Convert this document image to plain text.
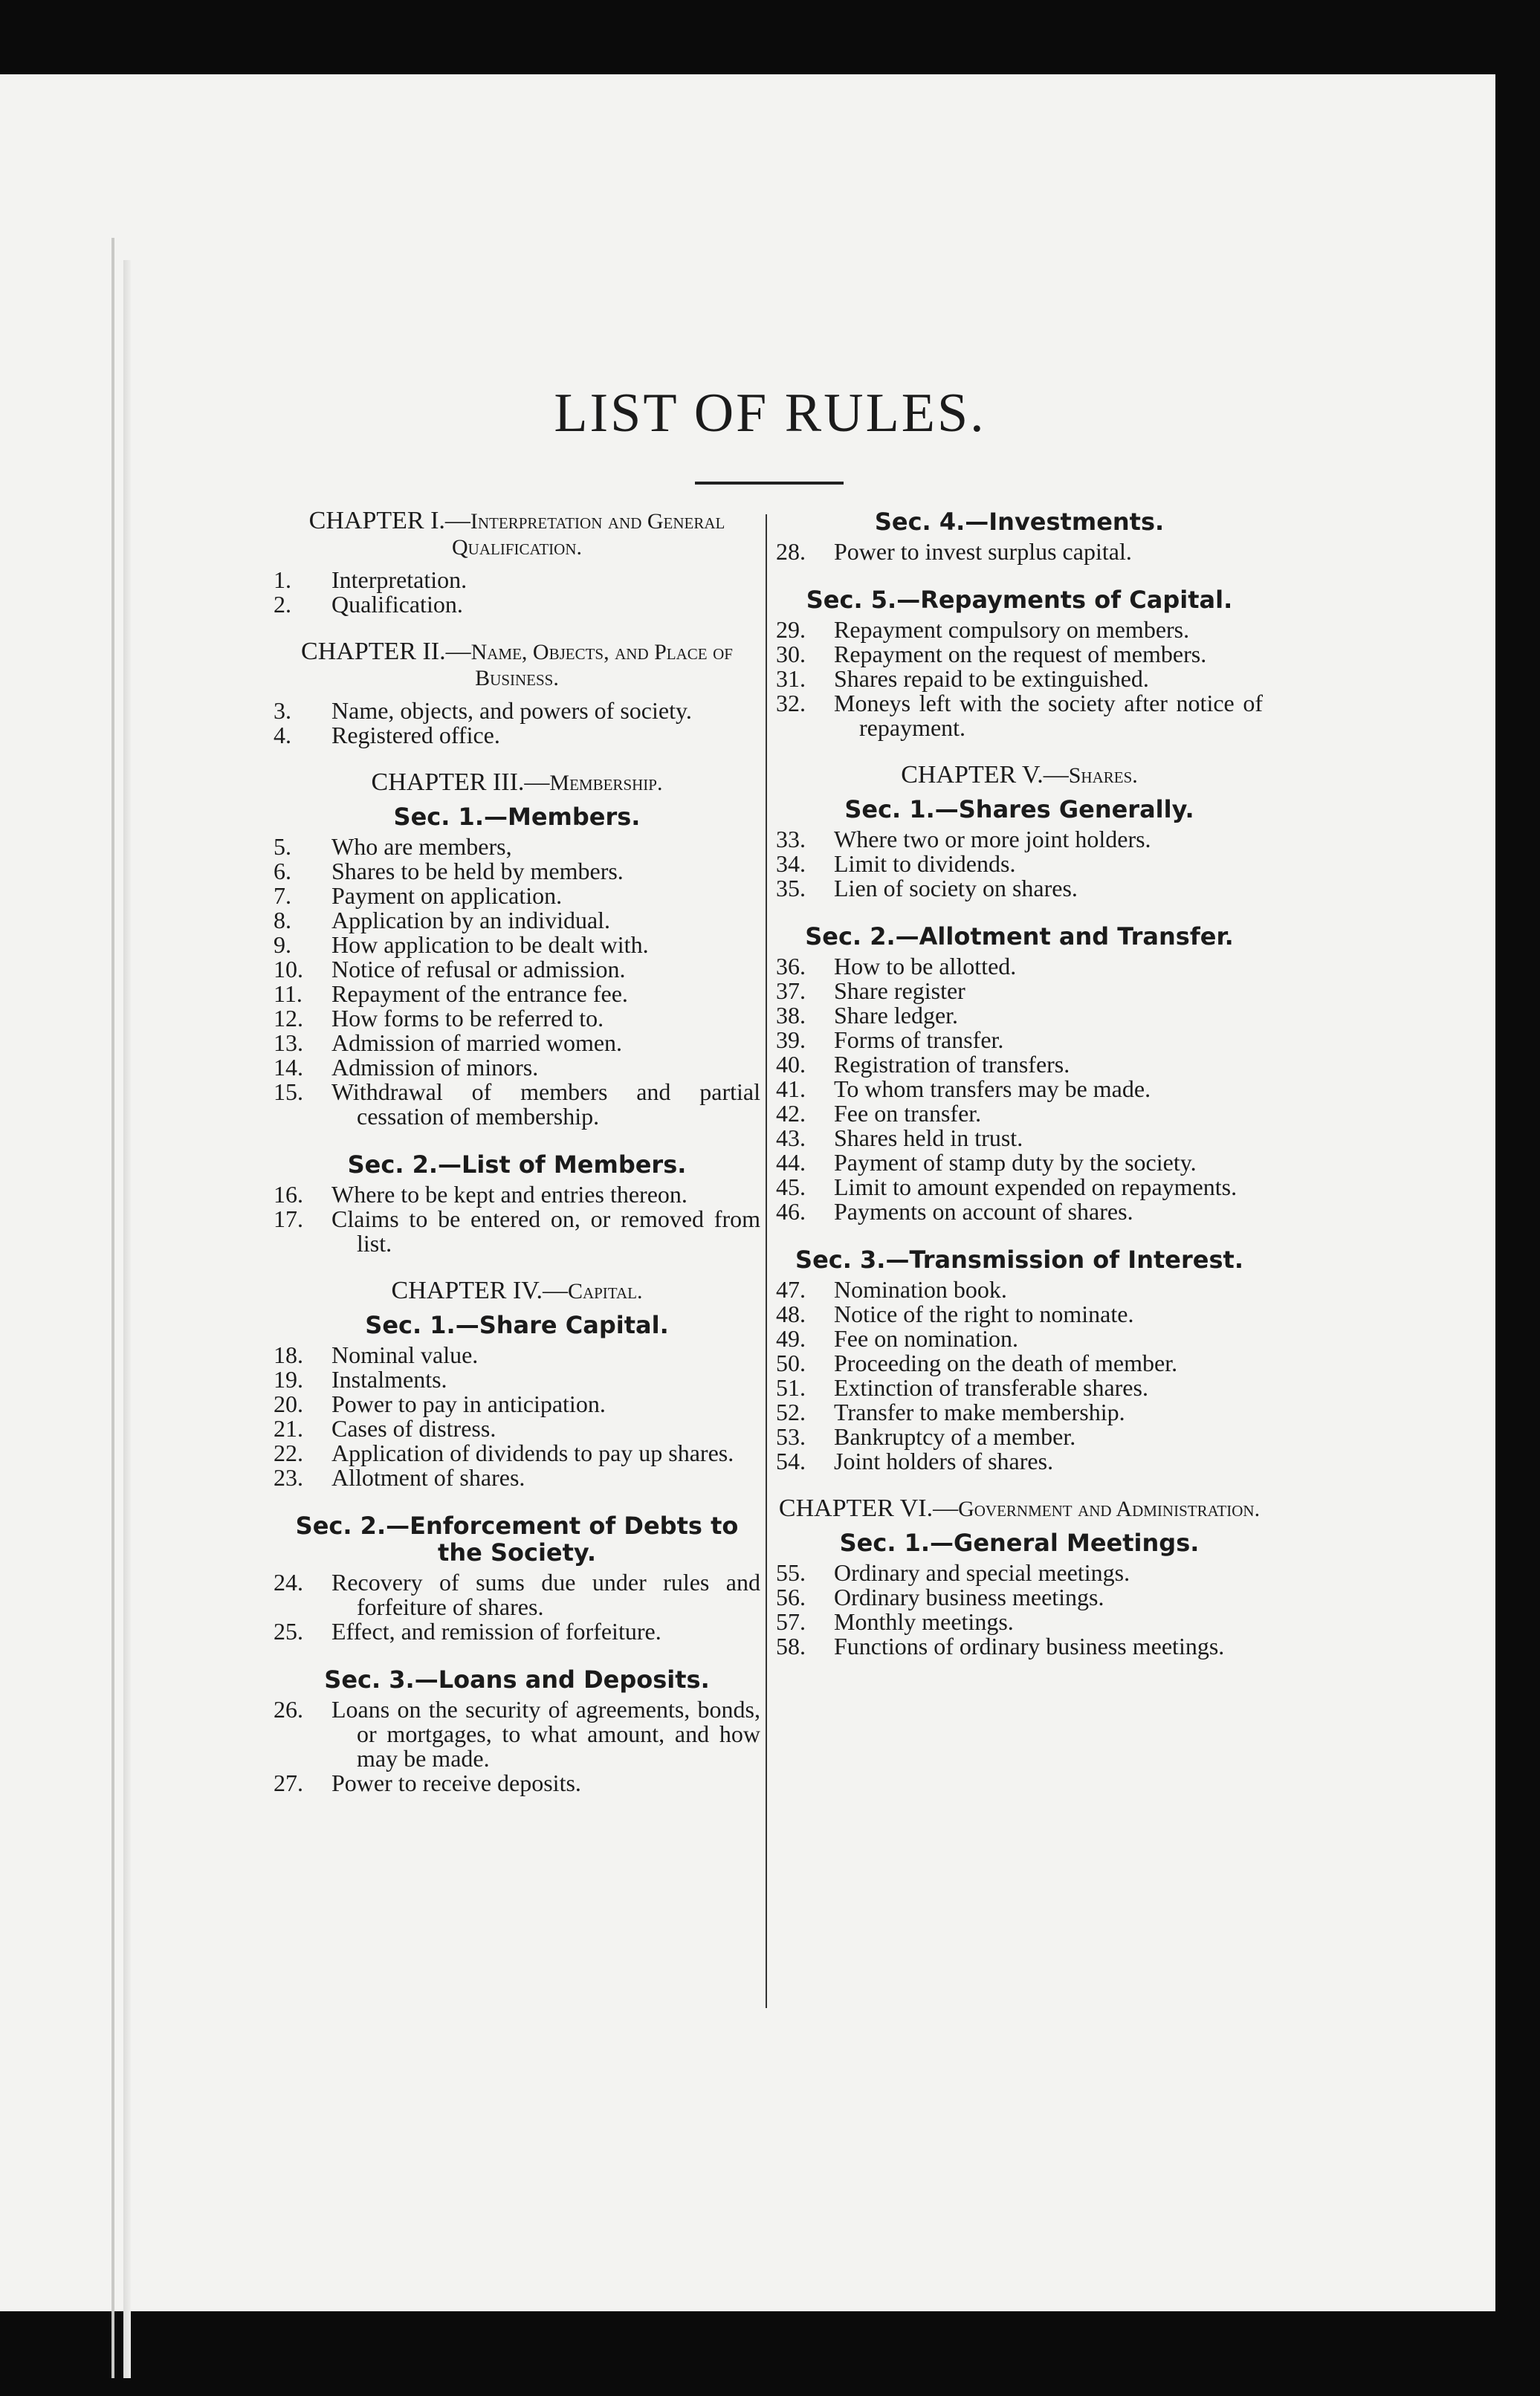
LIST OF RULES.
CHAPTER I.—Interpretation and General Qualification.
1.	Interpretation.
2.	Qualification.
CHAPTER II.—Name, Objects, and Place of Business.
3.	Name, objects, and powers of society.
4.	Registered office.
CHAPTER III.—Membership.
Sec. 1.—Members.
5.	Who are members,
6.	Shares to be held by members.
7.	Payment on application.
8.	Application by an individual.
9.	How application to be dealt with.
10.	Notice of refusal or admission.
11.	Repayment of the entrance fee.
12.	How forms to be referred to.
13.	Admission of married women.
14.	Admission of minors.
15.	Withdrawal of members and partial cessation of membership.
Sec. 2.—List of Members.
16.	Where to be kept and entries thereon.
17.	Claims to be entered on, or removed from list.
CHAPTER IV.—Capital.
Sec. 1.—Share Capital.
18.	Nominal value.
19.	Instalments.
20.	Power to pay in anticipation.
21.	Cases of distress.
22.	Application of dividends to pay up shares.
23.	Allotment of shares.
Sec. 2.—Enforcement of Debts to the Society.
24.	Recovery of sums due under rules and forfeiture of shares.
25.	Effect, and remission of forfeiture.
Sec. 3.—Loans and Deposits.
26.	Loans on the security of agreements, bonds, or mortgages, to what amount, and how may be made.
27.	Power to receive deposits.
Sec. 4.—Investments.
28.	Power to invest surplus capital.
Sec. 5.—Repayments of Capital.
29.	Repayment compulsory on members.
30.	Repayment on the request of members.
31.	Shares repaid to be extinguished.
32.	Moneys left with the society after notice of repayment.
CHAPTER V.—Shares.
Sec. 1.—Shares Generally.
33.	Where two or more joint holders.
34.	Limit to dividends.
35.	Lien of society on shares.
Sec. 2.—Allotment and Transfer.
36.	How to be allotted.
37.	Share register
38.	Share ledger.
39.	Forms of transfer.
40.	Registration of transfers.
41.	To whom transfers may be made.
42.	Fee on transfer.
43.	Shares held in trust.
44.	Payment of stamp duty by the society.
45.	Limit to amount expended on repayments.
46.	Payments on account of shares.
Sec. 3.—Transmission of Interest.
47.	Nomination book.
48.	Notice of the right to nominate.
49.	Fee on nomination.
50.	Proceeding on the death of member.
51.	Extinction of transferable shares.
52.	Transfer to make membership.
53.	Bankruptcy of a member.
54.	Joint holders of shares.
CHAPTER VI.—Government and Administration.
Sec. 1.—General Meetings.
55.	Ordinary and special meetings.
56.	Ordinary business meetings.
57.	Monthly meetings.
58.	Functions of ordinary business meetings.
